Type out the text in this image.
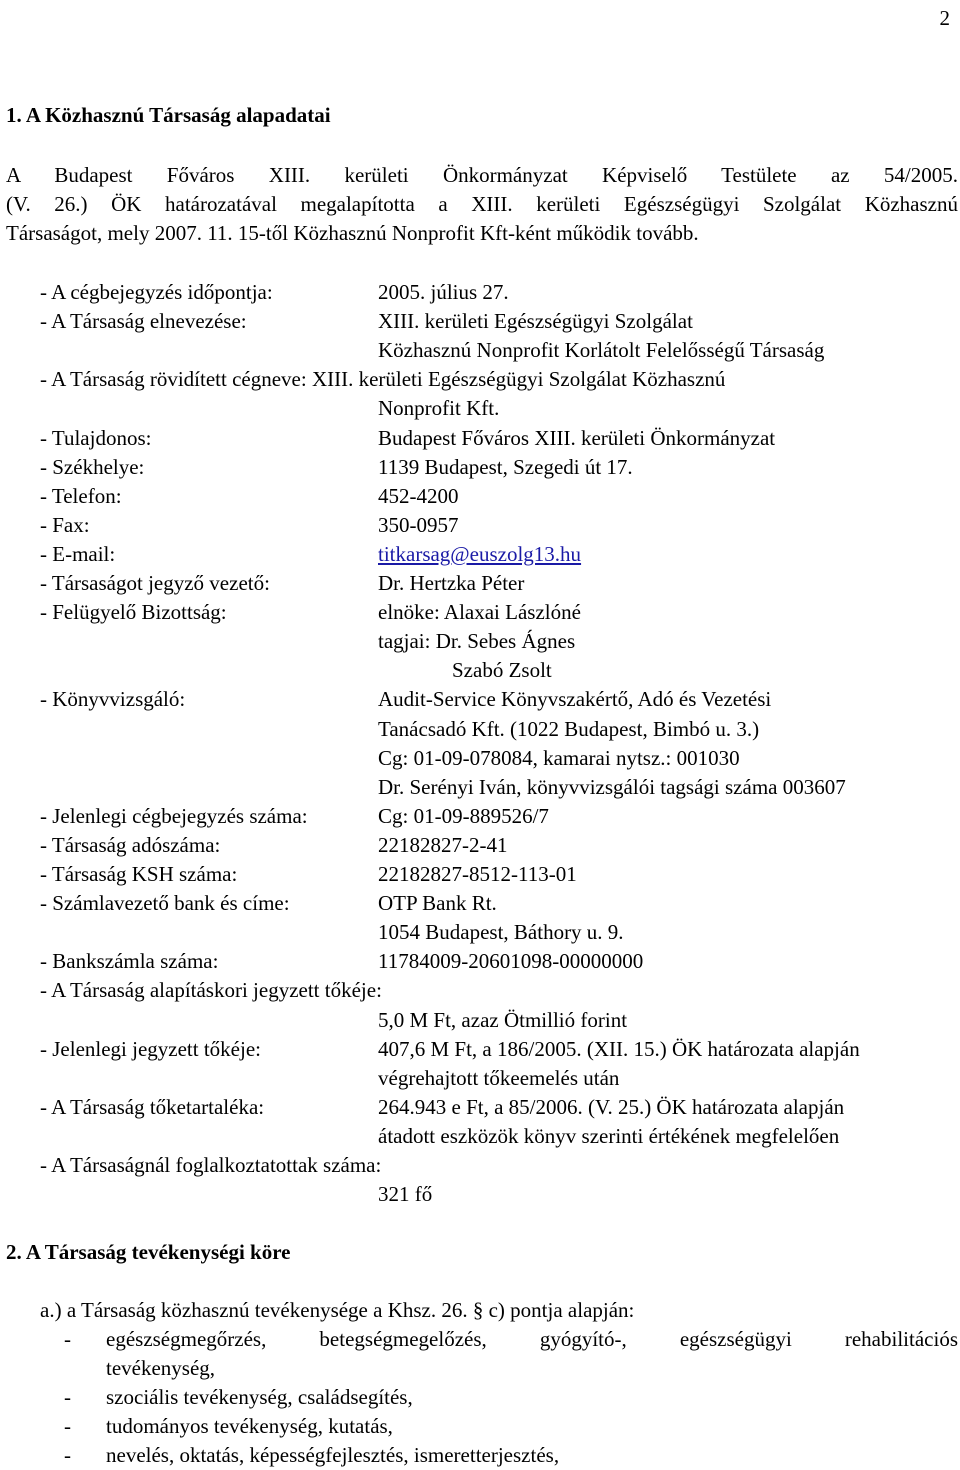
2
1. A Közhasznú Társaság alapadatai
A Budapest Főváros XIII. kerületi Önkormányzat Képviselő Testülete az 54/2005.
(V. 26.) ÖK határozatával megalapította a XIII. kerületi Egészségügyi Szolgálat Közhasznú
Társaságot, mely 2007. 11. 15-től Közhasznú Nonprofit Kft-ként működik tovább.
- A cégbejegyzés időpontja:	2005. július 27.
- A Társaság elnevezése:	XIII. kerületi Egészségügyi Szolgálat
Közhasznú Nonprofit Korlátolt Felelősségű Társaság
- A Társaság rövidített cégneve: XIII. kerületi Egészségügyi Szolgálat Közhasznú
Nonprofit Kft.
- Tulajdonos:	Budapest Főváros XIII. kerületi Önkormányzat
- Székhelye:	1139 Budapest, Szegedi út 17.
- Telefon:	452-4200
- Fax:	350-0957
- E-mail:	titkarsag@euszolg13.hu
- Társaságot jegyző vezető:	Dr. Hertzka Péter
- Felügyelő Bizottság:	elnöke: Alaxai Lászlóné
tagjai: Dr. Sebes Ágnes
Szabó Zsolt
- Könyvvizsgáló:	Audit-Service Könyvszakértő, Adó és Vezetési
Tanácsadó Kft. (1022 Budapest, Bimbó u. 3.)
Cg: 01-09-078084, kamarai nytsz.: 001030
Dr. Serényi Iván, könyvvizsgálói tagsági száma 003607
- Jelenlegi cégbejegyzés száma:	Cg: 01-09-889526/7
- Társaság adószáma:	22182827-2-41
- Társaság KSH száma:	22182827-8512-113-01
- Számlavezető bank és címe:	OTP Bank Rt.
1054 Budapest, Báthory u. 9.
- Bankszámla száma:	11784009-20601098-00000000
- A Társaság alapításkori jegyzett tőkéje:
5,0 M Ft, azaz Ötmillió forint
- Jelenlegi jegyzett tőkéje:	407,6 M Ft, a 186/2005. (XII. 15.) ÖK határozata alapján
végrehajtott tőkeemelés után
- A Társaság tőketartaléka:	264.943 e Ft, a 85/2006. (V. 25.) ÖK határozata alapján
átadott eszközök könyv szerinti értékének megfelelően
- A Társaságnál foglalkoztatottak száma:
321 fő
2. A Társaság tevékenységi köre
a.) a Társaság közhasznú tevékenysége a Khsz. 26. § c) pontja alapján:
- egészségmegőrzés, betegségmegelőzés, gyógyító-, egészségügyi rehabilitációs
tevékenység,
- szociális tevékenység, családsegítés,
- tudományos tevékenység, kutatás,
- nevelés, oktatás, képességfejlesztés, ismeretterjesztés,
